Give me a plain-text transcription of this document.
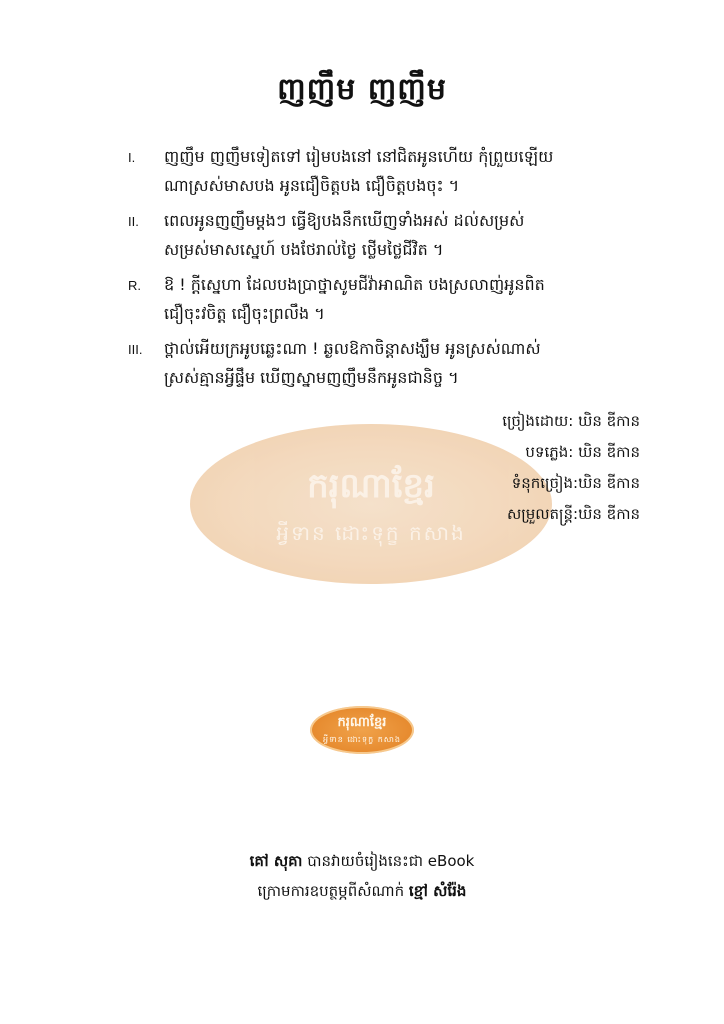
ញញឹម ញញឹម
ករុណាខ្មែរ
អ្វីទាន ដោះទុក្ខ កសាង
I.	ញញឹម ញញឹមទៀតទៅ រៀមបងនៅ នៅជិតអូនហើយ កុំព្រួយឡើយ
ណាស្រស់មាសបង អូនជឿចិត្តបង ជឿចិត្តបងចុះ ។
II.	ពេលអូនញញឹមម្តងៗ ធ្វើឱ្យបងនឹកឃើញទាំងអស់ ដល់សម្រស់
សម្រស់មាសស្នេហ៍ បងថែរាល់ថ្ងៃ ថ្លើមថ្លៃជីវិត ។
R.	ឱ ! ក្តីស្នេហា ដែលបងប្រាថ្នាសូមជីវ៉ាអាណិត បងស្រលាញ់អូនពិត
ជឿចុះវចិត្ត ជឿចុះព្រលឹង ។
III.	ថ្ពាល់អើយក្រអូបឆ្លេះណា ! ឆ្ងលឱកាចិន្តាសង្ឃឹម អូនស្រស់ណាស់
ស្រស់គ្មានអ្វីផ្ទឹម ឃើញស្នាមញញឹមនឹកអូនជានិច្ច ។
ច្រៀងដោយ: ឃិន ឌីកាន
បទភ្លេង: ឃិន ឌីកាន
ទំនុកច្រៀង:ឃិន ឌីកាន
សម្រួលតន្ត្រី:ឃិន ឌីកាន
ករុណាខ្មែរ
អ្វីទាន ដោះទុក្ខ កសាង
គៅ សុគា បានវាយចំរៀងនេះជា eBook
ក្រោមការឧបត្ថម្ភពីសំណាក់ ខ្មៅ សំរ៉ែង
